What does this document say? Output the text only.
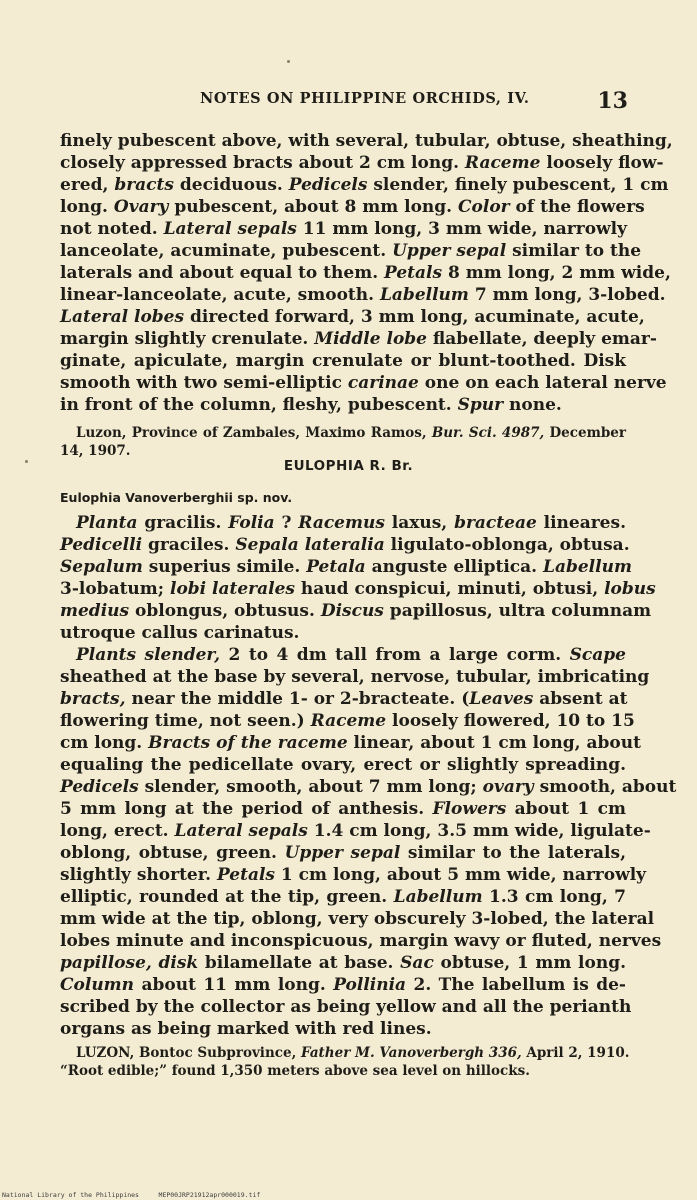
NOTES ON PHILIPPINE ORCHIDS, IV.	13
finely pubescent above, with several, tubular, obtuse, sheathing,
closely appressed bracts about 2 cm long. Raceme loosely flow-
ered, bracts deciduous. Pedicels slender, finely pubescent, 1 cm
long. Ovary pubescent, about 8 mm long. Color of the flowers
not noted. Lateral sepals 11 mm long, 3 mm wide, narrowly
lanceolate, acuminate, pubescent. Upper sepal similar to the
laterals and about equal to them. Petals 8 mm long, 2 mm wide,
linear-lanceolate, acute, smooth. Labellum 7 mm long, 3-lobed.
Lateral lobes directed forward, 3 mm long, acuminate, acute,
margin slightly crenulate. Middle lobe flabellate, deeply emar-
ginate, apiculate, margin crenulate or blunt-toothed. Disk
smooth with two semi-elliptic carinae one on each lateral nerve
in front of the column, fleshy, pubescent. Spur none.
Luzon, Province of Zambales, Maximo Ramos, Bur. Sci. 4987, December
14, 1907.
EULOPHIA R. Br.
Eulophia Vanoverberghii sp. nov.
Planta gracilis. Folia ? Racemus laxus, bracteae lineares.
Pedicelli graciles. Sepala lateralia ligulato-oblonga, obtusa.
Sepalum superius simile. Petala anguste elliptica. Labellum
3-lobatum; lobi laterales haud conspicui, minuti, obtusi, lobus
medius oblongus, obtusus. Discus papillosus, ultra columnam
utroque callus carinatus.
Plants slender, 2 to 4 dm tall from a large corm. Scape
sheathed at the base by several, nervose, tubular, imbricating
bracts, near the middle 1- or 2-bracteate. (Leaves absent at
flowering time, not seen.) Raceme loosely flowered, 10 to 15
cm long. Bracts of the raceme linear, about 1 cm long, about
equaling the pedicellate ovary, erect or slightly spreading.
Pedicels slender, smooth, about 7 mm long; ovary smooth, about
5 mm long at the period of anthesis. Flowers about 1 cm
long, erect. Lateral sepals 1.4 cm long, 3.5 mm wide, ligulate-
oblong, obtuse, green. Upper sepal similar to the laterals,
slightly shorter. Petals 1 cm long, about 5 mm wide, narrowly
elliptic, rounded at the tip, green. Labellum 1.3 cm long, 7
mm wide at the tip, oblong, very obscurely 3-lobed, the lateral
lobes minute and inconspicuous, margin wavy or fluted, nerves
papillose, disk bilamellate at base. Sac obtuse, 1 mm long.
Column about 11 mm long. Pollinia 2. The labellum is de-
scribed by the collector as being yellow and all the perianth
organs as being marked with red lines.
LUZON, Bontoc Subprovince, Father M. Vanoverbergh 336, April 2, 1910.
“Root edible;” found 1,350 meters above sea level on hillocks.
National Library of the Philippines     MEP00JRP21912apr000019.tif
